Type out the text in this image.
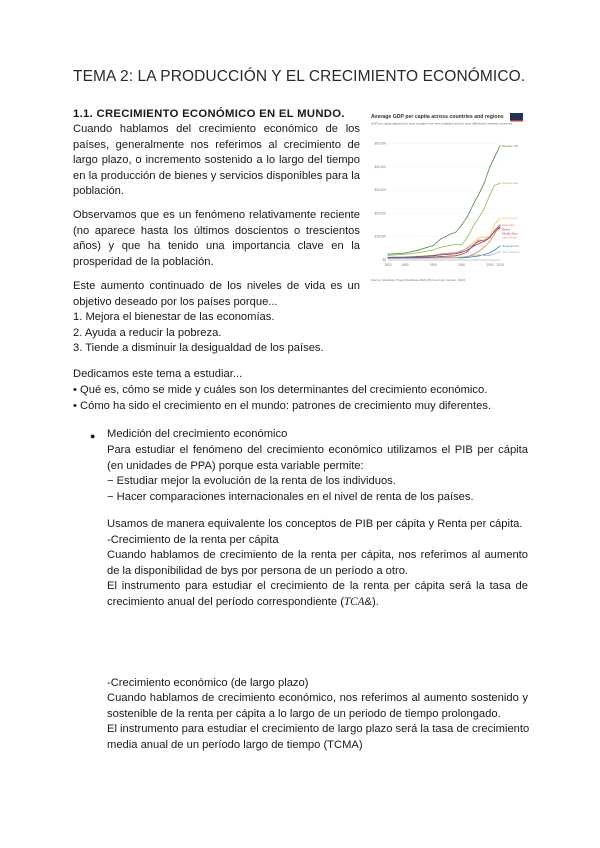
TEMA 2: LA PRODUCCIÓN Y EL CRECIMIENTO ECONÓMICO.
1.1. CRECIMIENTO ECONÓMICO EN EL MUNDO.

Cuando hablamos del crecimiento económico de los países, generalmente nos referimos al crecimiento de largo plazo, o incremento sostenido a lo largo del tiempo en la producción de bienes y servicios disponibles para la población.

Observamos que es un fenómeno relativamente reciente (no aparece hasta los últimos doscientos o trescientos años) y que ha tenido una importancia clave en la prosperidad de la población.

Este aumento continuado de los niveles de vida es un objetivo deseado por los países porque...

1. Mejora el bienestar de las economías.
2. Ayuda a reducir la pobreza.
3. Tiende a disminuir la desigualdad de los países.
Dedicamos este tema a estudiar...
• Qué es, cómo se mide y cuáles son los determinantes del crecimiento económico.
• Cómo ha sido el crecimiento en el mundo: patrones de crecimiento muy diferentes.
● Medición del crecimiento económico

Para estudiar el fenómeno del crecimiento económico utilizamos el PIB per cápita (en unidades de PPA) porque esta variable permite:

− Estudiar mejor la evolución de la renta de los individuos.
− Hacer comparaciones internacionales en el nivel de renta de los países.
Usamos de manera equivalente los conceptos de PIB per cápita y Renta per cápita.
-Crecimiento de la renta per cápita

Cuando hablamos de crecimiento de la renta per cápita, nos referimos al aumento de la disponibilidad de bys por persona de un período a otro.

El instrumento para estudiar el crecimiento de la renta per cápita será la tasa de crecimiento anual del período correspondiente (TCA&).

-Crecimiento económico (de largo plazo)

Cuando hablamos de crecimiento económico, nos referimos al aumento sostenido y sostenible de la renta per cápita a lo largo de un periodo de tiempo prolongado.

El instrumento para estudiar el crecimiento de largo plazo será la tasa de crecimiento media anual de un período largo de tiempo (TCMA)

Average GDP per capita across countries and regions
GDP per capita adjusted for price changes over time (inflation) and for price differences between countries
$0
$10,000
$20,000
$30,000
$40,000
$50,000
1820	1850	1900	1950	2000 2018
Western Off
Western Eur
Eastern Eur
East Asia
World
Middle East
Latin Ameri
South and S
Sub-Saharan
Source: Maddison Project Database 2020 (Bolt and van Zanden, 2020)
